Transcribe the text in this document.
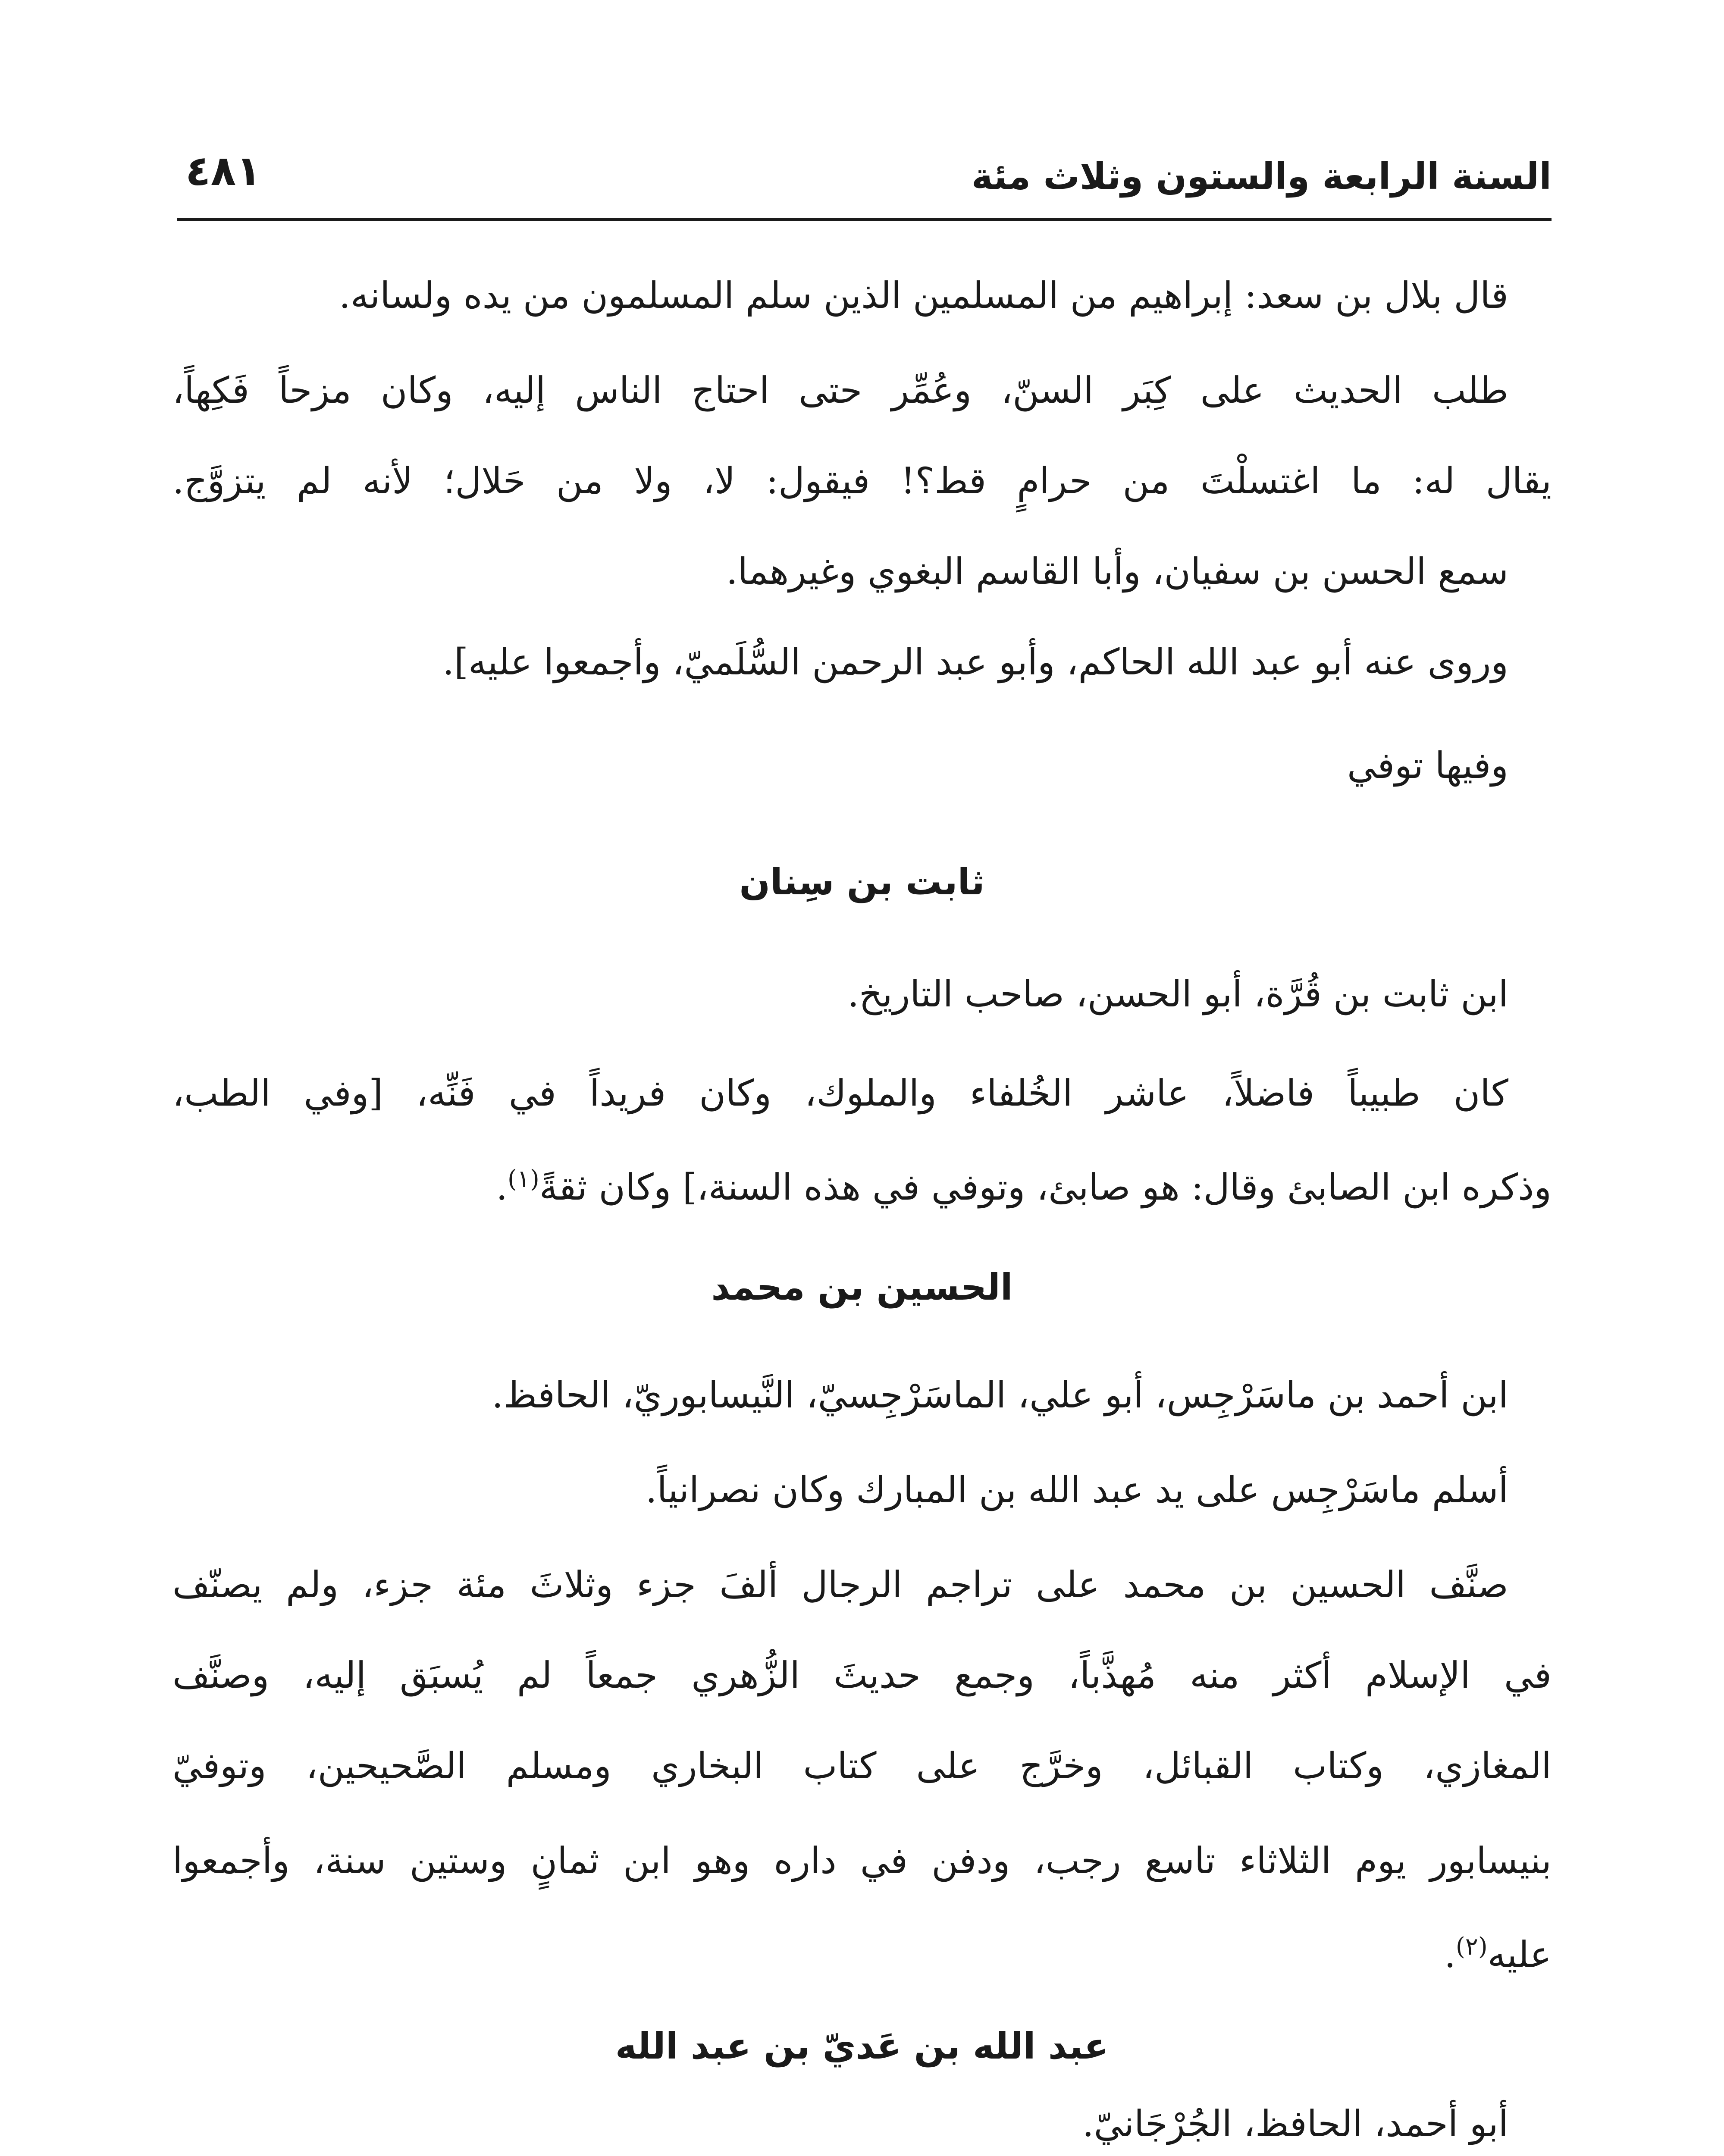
السنة الرابعة والستون وثلاث مئة
٤٨١
قال بلال بن سعد: إبراهيم من المسلمين الذين سلم المسلمون من يده ولسانه.
طلب الحديث على كِبَر السنّ، وعُمِّر حتى احتاج الناس إليه، وكان مزحاً فَكِهاً،
يقال له: ما اغتسلْتَ من حرامٍ قط؟! فيقول: لا، ولا من حَلال؛ لأنه لم يتزوَّج.
سمع الحسن بن سفيان، وأبا القاسم البغوي وغيرهما.
وروى عنه أبو عبد الله الحاكم، وأبو عبد الرحمن السُّلَميّ، وأجمعوا عليه].
وفيها توفي
ثابت بن سِنان
ابن ثابت بن قُرَّة، أبو الحسن، صاحب التاريخ.
كان طبيباً فاضلاً، عاشر الخُلفاء والملوك، وكان فريداً في فَنِّه، [وفي الطب،
وذكره ابن الصابئ وقال: هو صابئ، وتوفي في هذه السنة،] وكان ثقةً$^{(١)}$.
الحسين بن محمد
ابن أحمد بن ماسَرْجِس، أبو علي، الماسَرْجِسيّ، النَّيسابوريّ، الحافظ.
أسلم ماسَرْجِس على يد عبد الله بن المبارك وكان نصرانياً.
صنَّف الحسين بن محمد على تراجم الرجال ألفَ جزء وثلاثَ مئة جزء، ولم يصنّف
في الإسلام أكثر منه مُهذَّباً، وجمع حديثَ الزُّهري جمعاً لم يُسبَق إليه، وصنَّف
المغازي، وكتاب القبائل، وخرَّج على كتاب البخاري ومسلم الصَّحيحين، وتوفيّ
بنيسابور يوم الثلاثاء تاسع رجب، ودفن في داره وهو ابن ثمانٍ وستين سنة، وأجمعوا
عليه$^{(٢)}$.
عبد الله بن عَديّ بن عبد الله
أبو أحمد، الحافظ، الجُرْجَانيّ.
